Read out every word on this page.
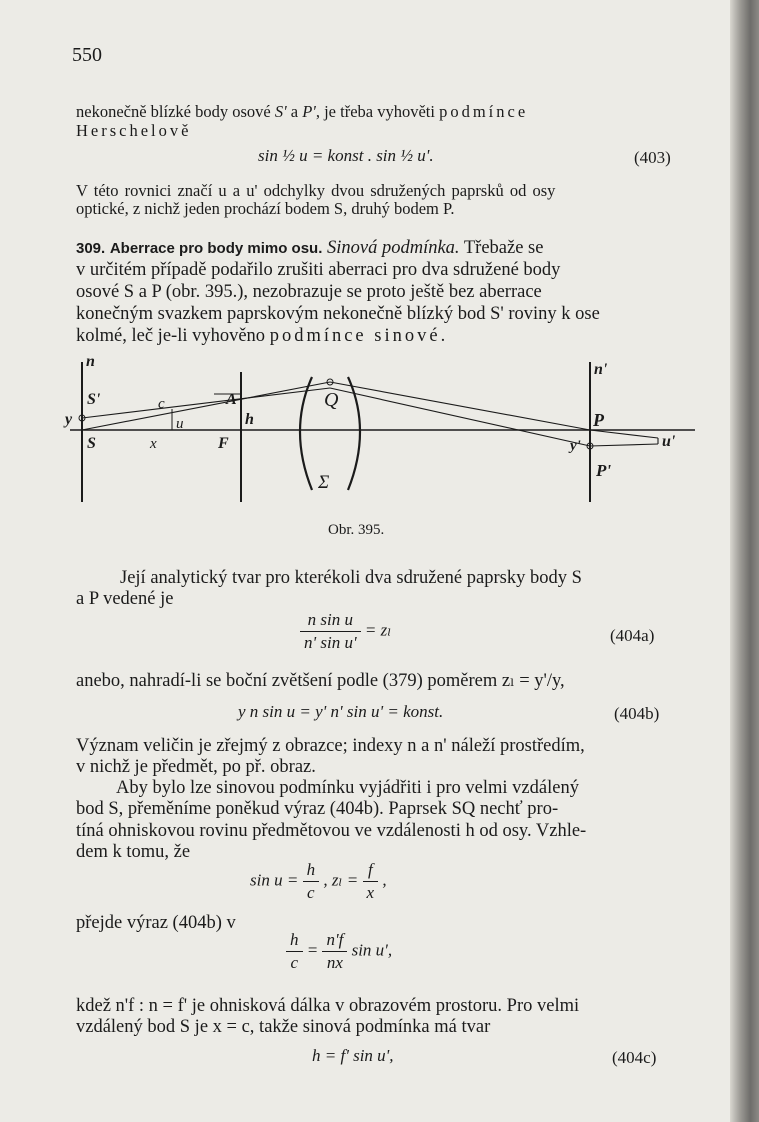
550
nekonečně blízké body osové S' a P', je třeba vyhověti podmínce
Herschelově
sin ½ u = konst . sin ½ u'.	(403)
V této rovnici značí u a u' odchylky dvou sdružených paprsků od osy
optické, z nichž jeden prochází bodem S, druhý bodem P.
309. Aberrace pro body mimo osu. Sinová podmínka. Třebaže se
v určitém případě podařilo zrušiti aberraci pro dva sdružené body
osové S a P (obr. 395.), nezobrazuje se proto ještě bez aberrace
konečným svazkem paprskovým nekonečně blízký bod S' roviny k ose
kolmé, leč je-li vyhověno podmínce sinové.
n
S'
y
S
c
u
x
A
F
h
Q
Σ
n'
P
y'
P'
u'
Obr. 395.
Její analytický tvar pro kterékoli dva sdružené paprsky body S
a P vedené je
$\frac{\text{n sin u}}{\text{n' sin u'}} = z_l$	(404a)
anebo, nahradí-li se boční zvětšení podle (379) poměrem zₗ = y'/y,
y n sin u = y' n' sin u' = konst.	(404b)
Význam veličin je zřejmý z obrazce; indexy n a n' náleží prostředím,
v nichž je předmět, po př. obraz.
Aby bylo lze sinovou podmínku vyjádřiti i pro velmi vzdálený
bod S, přeměníme poněkud výraz (404b). Paprsek SQ nechť pro-
tíná ohniskovou rovinu předmětovou ve vzdálenosti h od osy. Vzhle-
dem k tomu, že
$\sin u = \frac{h}{c}$ , $z_l = \frac{f}{x}$ ,
přejde výraz (404b) v
$\frac{h}{c} = \frac{n'f}{nx}$ sin u',
kdež n'f : n = f' je ohnisková dálka v obrazovém prostoru. Pro velmi
vzdálený bod S je x = c, takže sinová podmínka má tvar
h = f' sin u',	(404c)
